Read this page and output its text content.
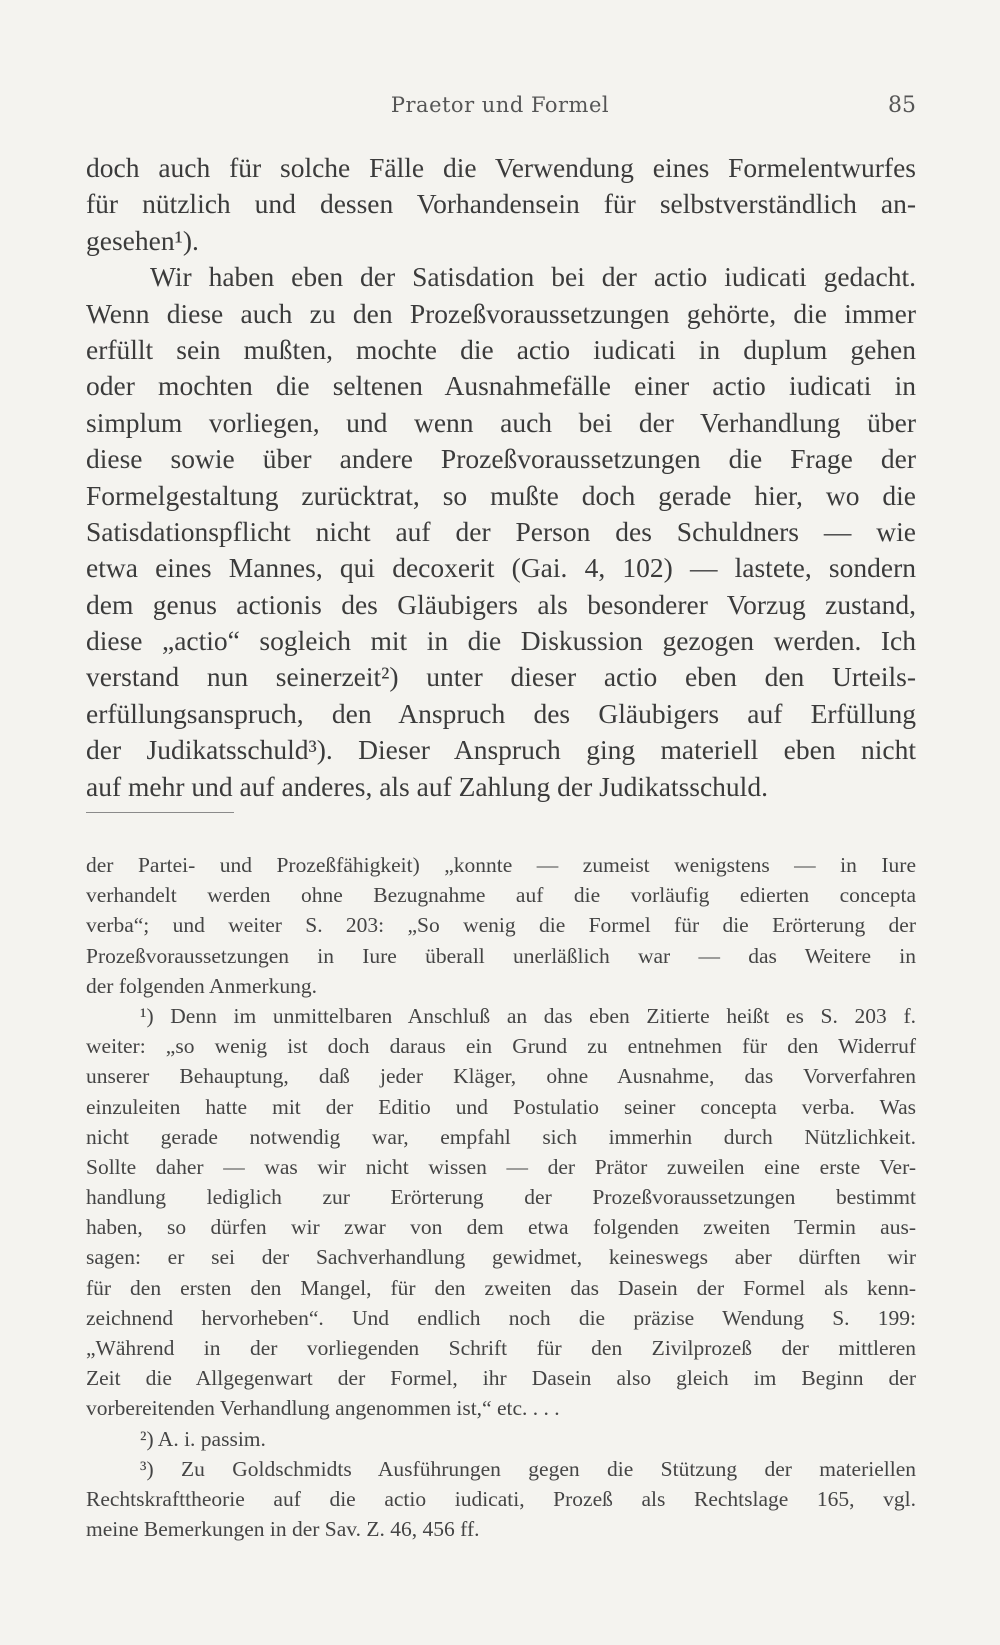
Praetor und Formel	85
doch auch für solche Fälle die Verwendung eines Formelentwurfes
für nützlich und dessen Vorhandensein für selbstverständlich an-
gesehen¹).
Wir haben eben der Satisdation bei der actio iudicati gedacht.
Wenn diese auch zu den Prozeßvoraussetzungen gehörte, die immer
erfüllt sein mußten, mochte die actio iudicati in duplum gehen
oder mochten die seltenen Ausnahmefälle einer actio iudicati in
simplum vorliegen, und wenn auch bei der Verhandlung über
diese sowie über andere Prozeßvoraussetzungen die Frage der
Formelgestaltung zurücktrat, so mußte doch gerade hier, wo die
Satisdationspflicht nicht auf der Person des Schuldners — wie
etwa eines Mannes, qui decoxerit (Gai. 4, 102) — lastete, sondern
dem genus actionis des Gläubigers als besonderer Vorzug zustand,
diese „actio“ sogleich mit in die Diskussion gezogen werden. Ich
verstand nun seinerzeit²) unter dieser actio eben den Urteils-
erfüllungsanspruch, den Anspruch des Gläubigers auf Erfüllung
der Judikatsschuld³). Dieser Anspruch ging materiell eben nicht
auf mehr und auf anderes, als auf Zahlung der Judikatsschuld.
der Partei- und Prozeßfähigkeit) „konnte — zumeist wenigstens — in Iure
verhandelt werden ohne Bezugnahme auf die vorläufig edierten concepta
verba“; und weiter S. 203: „So wenig die Formel für die Erörterung der
Prozeßvoraussetzungen in Iure überall unerläßlich war — das Weitere in
der folgenden Anmerkung.
¹) Denn im unmittelbaren Anschluß an das eben Zitierte heißt es S. 203 f.
weiter: „so wenig ist doch daraus ein Grund zu entnehmen für den Widerruf
unserer Behauptung, daß jeder Kläger, ohne Ausnahme, das Vorverfahren
einzuleiten hatte mit der Editio und Postulatio seiner concepta verba. Was
nicht gerade notwendig war, empfahl sich immerhin durch Nützlichkeit.
Sollte daher — was wir nicht wissen — der Prätor zuweilen eine erste Ver-
handlung lediglich zur Erörterung der Prozeßvoraussetzungen bestimmt
haben, so dürfen wir zwar von dem etwa folgenden zweiten Termin aus-
sagen: er sei der Sachverhandlung gewidmet, keineswegs aber dürften wir
für den ersten den Mangel, für den zweiten das Dasein der Formel als kenn-
zeichnend hervorheben“. Und endlich noch die präzise Wendung S. 199:
„Während in der vorliegenden Schrift für den Zivilprozeß der mittleren
Zeit die Allgegenwart der Formel, ihr Dasein also gleich im Beginn der
vorbereitenden Verhandlung angenommen ist,“ etc. . . .
²) A. i. passim.
³) Zu Goldschmidts Ausführungen gegen die Stützung der materiellen
Rechtskrafttheorie auf die actio iudicati, Prozeß als Rechtslage 165, vgl.
meine Bemerkungen in der Sav. Z. 46, 456 ff.
